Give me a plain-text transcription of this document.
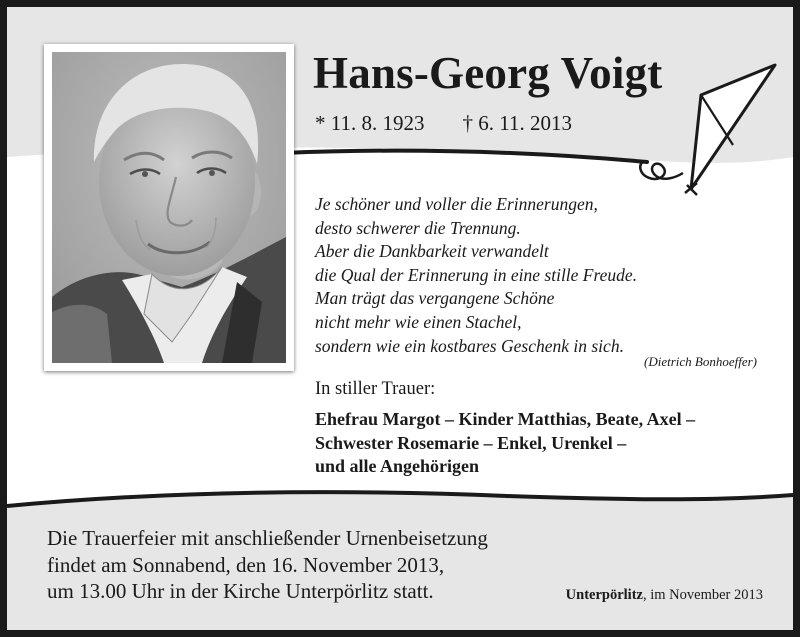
Hans-Georg Voigt
* 11. 8. 1923 † 6. 11. 2013
Je schöner und voller die Erinnerungen,
desto schwerer die Trennung.
Aber die Dankbarkeit verwandelt
die Qual der Erinnerung in eine stille Freude.
Man trägt das vergangene Schöne
nicht mehr wie einen Stachel,
sondern wie ein kostbares Geschenk in sich.
(Dietrich Bonhoeffer)
In stiller Trauer:
Ehefrau Margot – Kinder Matthias, Beate, Axel –
Schwester Rosemarie – Enkel, Urenkel –
und alle Angehörigen
Die Trauerfeier mit anschließender Urnenbeisetzung
findet am Sonnabend, den 16. November 2013,
um 13.00 Uhr in der Kirche Unterpörlitz statt.	Unterpörlitz, im November 2013
